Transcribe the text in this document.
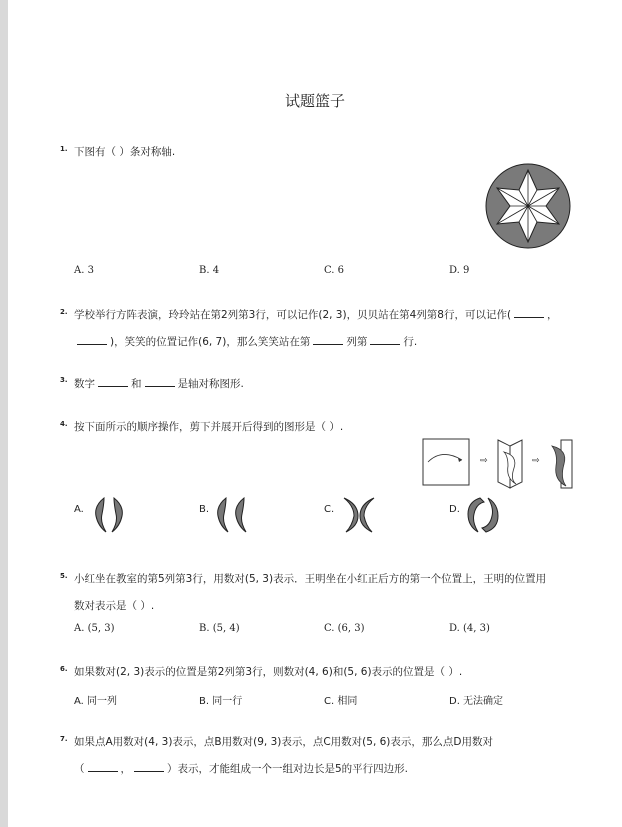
试题篮子
1. 下图有（ ）条对称轴.
A. 3	B. 4	C. 6	D. 9
2. 学校举行方阵表演，玲玲站在第2列第3行，可以记作(2, 3)，贝贝站在第4列第8行，可以记作(	，
)，笑笑的位置记作(6, 7)，那么笑笑站在第	列第	行.
3. 数字	和	是轴对称图形.
4. 按下面所示的顺序操作，剪下并展开后得到的图形是（ ）.
⇨	⇨
A.	B.	C.	D.
5. 小红坐在教室的第5列第3行，用数对(5, 3)表示．王明坐在小红正后方的第一个位置上，王明的位置用
数对表示是（ ）.
A. (5, 3)	B. (5, 4)	C. (6, 3)	D. (4, 3)
6. 如果数对(2, 3)表示的位置是第2列第3行，则数对(4, 6)和(5, 6)表示的位置是（ ）.
A. 同一列	B. 同一行	C. 相同	D. 无法确定
7. 如果点A用数对(4, 3)表示，点B用数对(9, 3)表示，点C用数对(5, 6)表示，那么点D用数对
（	，	）表示，才能组成一个一组对边长是5的平行四边形.
